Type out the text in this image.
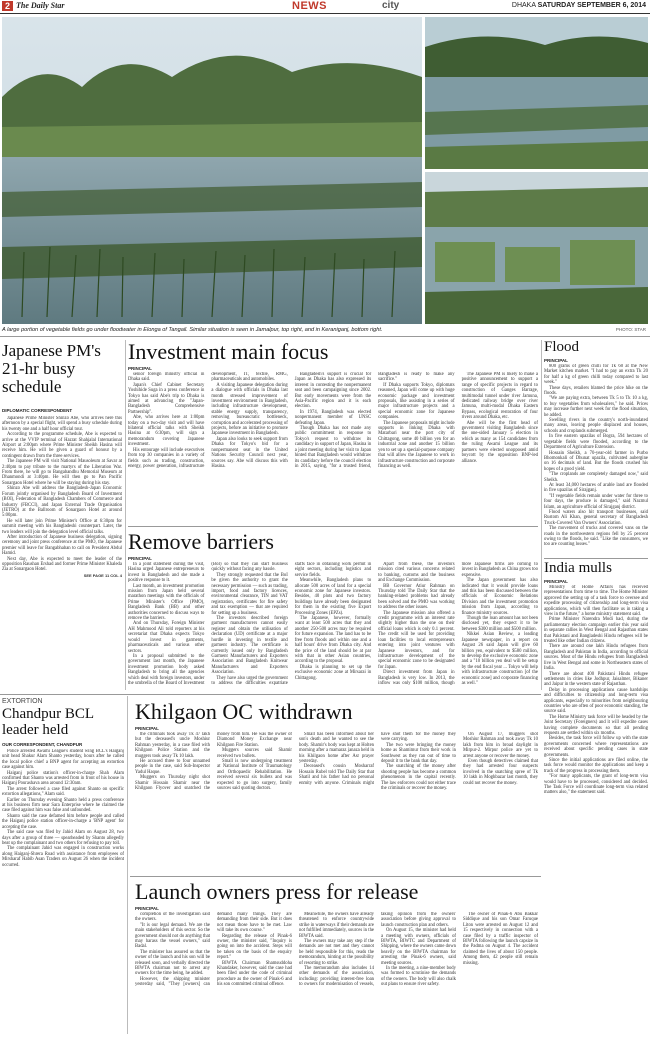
2 The Daily Star	NEWS	city	DHAKA SATURDAY SEPTEMBER 6, 2014
A large portion of vegetable fields go under floodwater in Elonga of Tangail. Similar situation is seen in Jamalpur, top right, and in Keraniganj, bottom right.	PHOTO: STAR
Japanese PM's 21-hr busy schedule
DIPLOMATIC CORRESPONDENT

Japanese Prime Minister Shinzo Abe, who arrives here this afternoon by a special flight, will spend a busy schedule during his twenty one and a half hour official tour.

According to the programme schedule, Abe is expected to arrive at the VVIP terminal of Hazrat Shahjalal International Airport at 2:00pm where Prime Minister Sheikh Hasina will receive him. He will be given a guard of honour by a contingent drawn from the three services.

The Japanese PM will visit National Mausoleum at Savar at 2:40pm to pay tribute to the martyrs of the Liberation War. From there, he will go to Bangabandhu Memorial Museum at Dhanmondi at 3:40pm. He will then go to Pan Pacific Sonargaon Hotel where he will be staying during his stay.

Shinzo Abe will address the Bangladesh-Japan Economic Forum jointly organised by Bangladesh Board of Investment (BOI), Federation of Bangladesh Chambers of Commerce and Industry (FBCCI), and Japan External Trade Organisation (JETRO) at the Ballroom of Sonargaon Hotel at around 5:00pm.

He will later join Prime Minister's Office at 6:30pm for summit meeting with his Bangladeshi counterpart. Later, the two leaders will join the delegation level official talks.

After introduction of Japanese business delegation, signing ceremony and joint press conference at the PMO, the Japanese premier will leave for Bangabhaban to call on President Abdul Hamid.

Next day, Abe is expected to meet the leader of the opposition Raushan Ershad and former Prime Minister Khaleda Zia at Sonargaon Hotel.

SEE PAGE 11 COL 4
Investment main focus
PRINCIPAL

senior foreign ministry official in Dhaka said.

Japan's Chief Cabinet Secretary Yoshihide Suga in a press conference in Tokyo has said Abe's trip to Dhaka is aimed at advancing the "Japan-Bangladesh Comprehensive Partnership".

Abe, who arrives here at 1:00pm today on a two-day visit and will have bilateral official talks with Sheikh Hasina at 6:30pm, will sign a memorandum covering Japanese investment.

His entourage will include executives from top 30 companies in a variety of fields such as trading, construction, energy, power generation, infrastructure development, IT, textile, RMG, pharmaceuticals and automobiles.

A visiting Japanese delegation during a dialogue with officials in Dhaka last month stressed improvement of investment environment in Bangladesh, including infrastructure development, stable energy supply, transparency, removing bureaucratic bottleneck, corruption and accelerated processing of projects, before an initiative to promote Japanese investment in Bangladesh.

Japan also looks to seek support from Dhaka for Tokyo's bid for a nonpermanent seat in the United Nations Security Council next year, sources say. Abe will discuss this with Hasina.

Bangladesh's support is crucial for Japan as Dhaka has also expressed its interest in contesting the nonpermanent seat and been campaigning since 2002. But early movements were from the Asia-Pacific region and it is each election.

In 1974, Bangladesh was elected nonpermanent member of UNSC defeating Japan.

Though Dhaka has not made any public commitment in response to Tokyo's request to withdraw its candidacy in support of Japan, Hasina in a joint meeting during her visit to Japan hinted that Bangladesh would withdraw its candidacy before the council election in 2015, saying, "for a trusted friend, Bangladesh is ready to make any sacrifice."

If Dhaka supports Tokyo, diplomats reasoned, Japan will come up with huge economic package and investment proposals, like assisting in a series of major infrastructure projects and a special economic zone for Japanese companies.

The Japanese proposals might include supports in linking Dhaka with Matarbari near the port city of Chittagong, some 40 billion yen for an industrial zone and another 15 billion yen to set up a special-purpose company that will allow the Japanese to work in infrastructure construction and corporate financing as well.

The Japanese PM is likely to make a positive announcement to support a range of specific projects in regard to construction of Ganges Barrage, multimodal tunnel under river Jamuna, dedicated railway bridge over river Jamuna, multi-modal Dhaka Eastern Bypass, ecological restoration of four rivers around Dhaka, etc.

Abe will be the first head of government visiting Bangladesh since the one-sided January 5 election in which as many as 154 candidates from the ruling Awami League and its partners were elected unopposed amid boycott by the opposition BNP-led alliance.

Remove barriers
PRINCIPAL

In a joint statement during the visit, Hasina urged Japanese entrepreneurs to invest in Bangladesh and she made a positive response to it.

Last month, an investment promotion mission from Japan held several marathon meetings with the officials of Prime Minister's Office (PMO), Bangladesh Bank (BB) and other authorities concerned to discuss ways to remove the barriers.

And on Thursday, Foreign Minister AH Mahmood Ali told reporters at his secretariat that Dhaka expects Tokyo would invest in garments, pharmaceuticals and various other sectors.

In a proposal submitted to the government last month, the Japanese investment promotion body asked Bangladesh to bring all the agencies which deal with foreign investors, under the umbrella of the Board of Investment (BoI) so that they can start business quickly without facing any hassle.

They strongly requested that the BoI be given the authority to grant the necessary permission — such as trading, import, food and factory licences, environmental clearance, TIN and VAT registration, certificates for fire safety and tax exemption — that are required for setting up a business.

The investors described foreign garment manufacturers cannot easily register and obtain the utilisation of declaration (UD) certificate at a major hurdle in investing in textile and garment industry. The certificate is currently issued only by Bangladesh Garment Manufacturers and Exporters Association and Bangladesh Knitwear Manufacturers and Exporters Association.

They have also urged the government to address the difficulties expatriate staffs face in obtaining work permit in eight sectors, including logistics and service fields.

Meanwhile, Bangladesh plans to allocate 500 acres of land for a special economic zone for Japanese investors. Besides, 40 plots and two factory buildings have already been designated for them in the existing five Export Processing Zones (EPZs).

The Japanese, however, formally want at least 500 acres that they and another 250-500 acres may be required for future expansion. The land has to be free from floods and within one and a half hours' drive from Dhaka city. And the price of the land should be at par with that in other Asian countries, according to the proposal.

Dhaka is planning to set up the exclusive economic zone at Mirsarai in Chittagong.

Apart from these, the investors mission cited various concerns related to banking, customs and the business and Exchange Commission.

BB Governor Atiur Rahman on Thursday told The Daily Star that the banking-related problems had already been solved and the PMO was working to address the other issues.

The Japanese mission also offered a credit programme with an interest rate slightly higher than the one on their official loans which is only 0.1 percent. The credit will be used for providing loan facilities to local entrepreneurs entering into joint ventures with Japanese investors, and for infrastructure development of the special economic zone to be designated for Japan.

Direct investment from Japan in Bangladesh is very low. In 2013, the inflow was only $100 million, though more Japanese firms are coming to invest in Bangladesh as China grows too expensive.

The Japan government has also indicated that it would provide loans and this has been discussed between the officials of Economic Relations Division and the investment promotion mission from Japan, according to finance ministry sources.

Though the loan amount has not been disclosed yet, they expect it to be between $300 million and $500 million.

Nikkei Asian Review, a leading Japanese newspaper, in a report on August 26 said Japan will give 60 billion yen, equivalent to $580 million, to develop the exclusive economic zone and a "10 billion yen deal will be setup by the end fiscal year ... Tokyo will help with infrastructure construction [of the economic zone] and corporate financing as well."

Flood
PRINCIPAL

800 grams of green chilli for Tk 60 at the New Market kitchen market. "I had to pay an extra Tk 20 for half a kg of green chilli today compared to last week."

These days, retailers blamed the price hike on the floods.

"We are paying extra, between Tk 5 to Tk 10 a kg, to buy vegetables from wholesalers," he said. Prices may increase further next week for the flood situation, he added.

Swelling rivers in the country's north-inundated many areas, leaving people displaced and houses, schools and croplands submerged.

In five eastern upazilas of Bogra, 594 hectares of vegetable fields were flooded, according to the Department of Agriculture Extension.

Hossain Sheikh, a 70-year-old farmer in Purbo Bhomonkali of Dhunat upazila, cultivated aubergine on 16 decimals of land. But the floods crushed his hopes of a good yield.

"The croplands are completely damaged now," said Sheikh.

At least 34,000 hectares of arable land are flooded in five upazilas of Sirajganj.

"If vegetable fields remain under water for three to four days, the produce is damaged," said Nazmul Islam, an agriculture official of Sirajganj district.

Flood waters also hit transport businesses, said Rustom Ali Khan, general secretary of Bangladesh Truck-Covered Van Owners' Association.

The movement of trucks and covered vans on the roads in the northwestern regions fell by 25 percent owing to the floods, he said. "Like the consumers, we too are counting losses."

India mulls
PRINCIPAL

Ministry of Home Affairs has received representations from time to time. The Home Minister approved the setting up of a task force to oversee and expedite processing of citizenship and long-term visa applications, which will then facilitate us in taking a view in the future," a home ministry statement said.

Prime Minister Narendra Modi had, during the parliamentary election campaign earlier this year said in separate rallies in West Bengal and Rajasthan states that Pakistani and Bangladeshi Hindu refugees will be treated like other Indian citizens.

There are around one lakh Hindu refugees from Bangladesh and Pakistan in India, according to official sources. Most of the Hindu refugees from Bangladesh live in West Bengal and some in Northeastern states of India.

There are about 400 Pakistani Hindu refugee settlements in cities like Jodhpur, Jaisalmer, Bikaner and Jaipur in the western state of Rajasthan.

Delay in processing applications cause hardships and difficulties to citizenship and long-term visa applicants, especially to minorities from neighbouring countries who are often of poor economic standing, the source said.

The Home Ministry task force will be headed by the Joint Secretary (Foreigners) and it will expedite cases having complete documents so that all pending requests are settled within six months.

Besides, the task force will follow up with the state governments concerned where representations are received about specific pending cases in state governments.

Since the initial applications are filed online, the task force would monitor the applications and keep a track of the progress in processing them.

"For many applicants, the grant of long-term visa would have to be processed, considered and decided. The Task Force will coordinate long-term visa related matters also," the statement said.

EXTORTION
Chandpur BCL leader held
OUR CORRESPONDENT, CHANDPUR

Police arrested Awami League's student wing BCL's Haiganj unit head Shakur Alam Shanto yesterday, hours after he called the local police chief a BNP agent for accepting an extortion case against him.

Haiganj police station's officer-in-charge Shah Alam confirmed that Shanto was arrested from in front of his house in Haiganj Pourashava area around 12:30am.

The arrest followed a case filed against Shanto on specific extortion allegations," Alam said.

Earlier on Thursday evening Shanto held a press conference at his business firm near Sara Enterprise where he claimed the case filed against him was false and unfounded.

Shanto said the case defamed him before people and called the Haiganj police station officer-in-charge a 'BNP agent' for accepting the case.

The said case was filed by Jahid Alam on August 28, two days after a group of three — spearheaded by Shanto allegedly beat up the complainant and two others for refusing to pay toll.

The complainant Jahid was engaged in construction works along Haiganj-Shrera Road with assistance from employees of Mirsharaf Habib Asan Traders on August 26 when the incident occurred.

Khilgaon OC withdrawn
PRINCIPAL

the criminals took away Tk 47 lakh but the deceased's uncle Moshiur Rahman yesterday, in a case filed with Khilgaon Police Station and the muggers took away Tk 10 lakh.

He accused three to four unnamed people in the case, said Sub-Inspector Yadul Haque.

Muggers on Thursday night shot Shamir Hossain Shamir near the Khilgaon Flyover and snatched the money from him. He was the owner of Diamond Money Exchange near Khilgaon Fire Station.

Muggers sources said Shamir received two bullets.

Small is now undergoing treatment at National Institute of Traumatology and Orthopaedic Rehabilitation. He received several six bullets and was expected to go into surgery, family sources said quoting doctors.

Small has been informed about her son's death and he wanted to see the body. Shamir's body was kept at Holten morning after a mamaraz janaza held in his Khilgaon home after Asr prayer yesterday.

Deceased's cousin Mosharraf Hossain Rubel told The Daily Star that Shatil and his father had no personal enmity with anyone. Criminals might have shot them for the money they were carrying.

The two were bringing the money home as Shamimur from their work in Southwest as they ran out of time to deposit it to the bank that day.

The snatching of the money after shooting people has become a common phenomenon in the capital recently. The law enforcers could not either trace the criminals or recover the money.

On August 17, muggers shot Moshiur Rahman and took away Tk 10 lakh from him in broad daylight in Mirpur-2. Mirpur police are yet to arrest anyone or recover the money.

Even though detectives claimed that they had arrested four suspects involved in the snatching spree of Tk 10 lakh in Moghbazar last month, they could not recover the money.

Launch owners press for release
PRINCIPAL

completion of the investigation said the owners.

"It is our legal demand. We are the main stakeholders of this sector. So the government should not do anything that may harass the vessel owners," said Badal.

The minister has assured us that the owner of the launch and his son will be released soon, and verbally directed the BIWTA chairman not to arrest any owners for the time being, he added.

However, the shipping minister yesterday said, "They [owners] can demand many things. They are demanding from their side. But it does not mean those have to be met. Law will take its own course."

Regarding the release of Pinak-6 owner, the minister said, "Inquiry is going on into the accident. Steps will be taken on the basis of the enquiry report."

BIWTA Chairman Shamsuddoha Khandaker, however, said the case had been filed under the code of criminal procedure as the owner of Pinak-6 and his son committed criminal offence.

Meanwhile, the owners have already threatened to enforce countrywide strike in waterways if their demands are not fulfilled immediately, sources in the BIWTA said.

The owners may take any step if the demands are not met and they cannot be held responsible for this, reads the memorandum, hinting at the possibility of resorting to strike.

The memorandum also includes 14 other demands of the association, including: providing interest-free loan to owners for modernisation of vessels, taking opinion from the owners' association before giving approval to launch construction plan and others.

On August 15, the minister had held a meeting with owners, officials of BIWTA, BIWTC and Department of Shipping, where the owners came down heavily on the BIWTA chairman for arresting the Pinak-6 owners, said meeting sources.

In the meeting, a nine-member body was formed to scrutinise the demands of the owners. The body will also chalk out plans to ensure river safety.

The owner of Pinak-6 Abu Bakkar Siddique and his son Omar Faruque Liton were arrested on August 12 and 15 respectively in connection with a case filed by a traffic inspector of BIWTA following the launch capsize in the Padma on August 4. The accident claimed the lives of about 150 people. Among them, 42 people still remain missing.
